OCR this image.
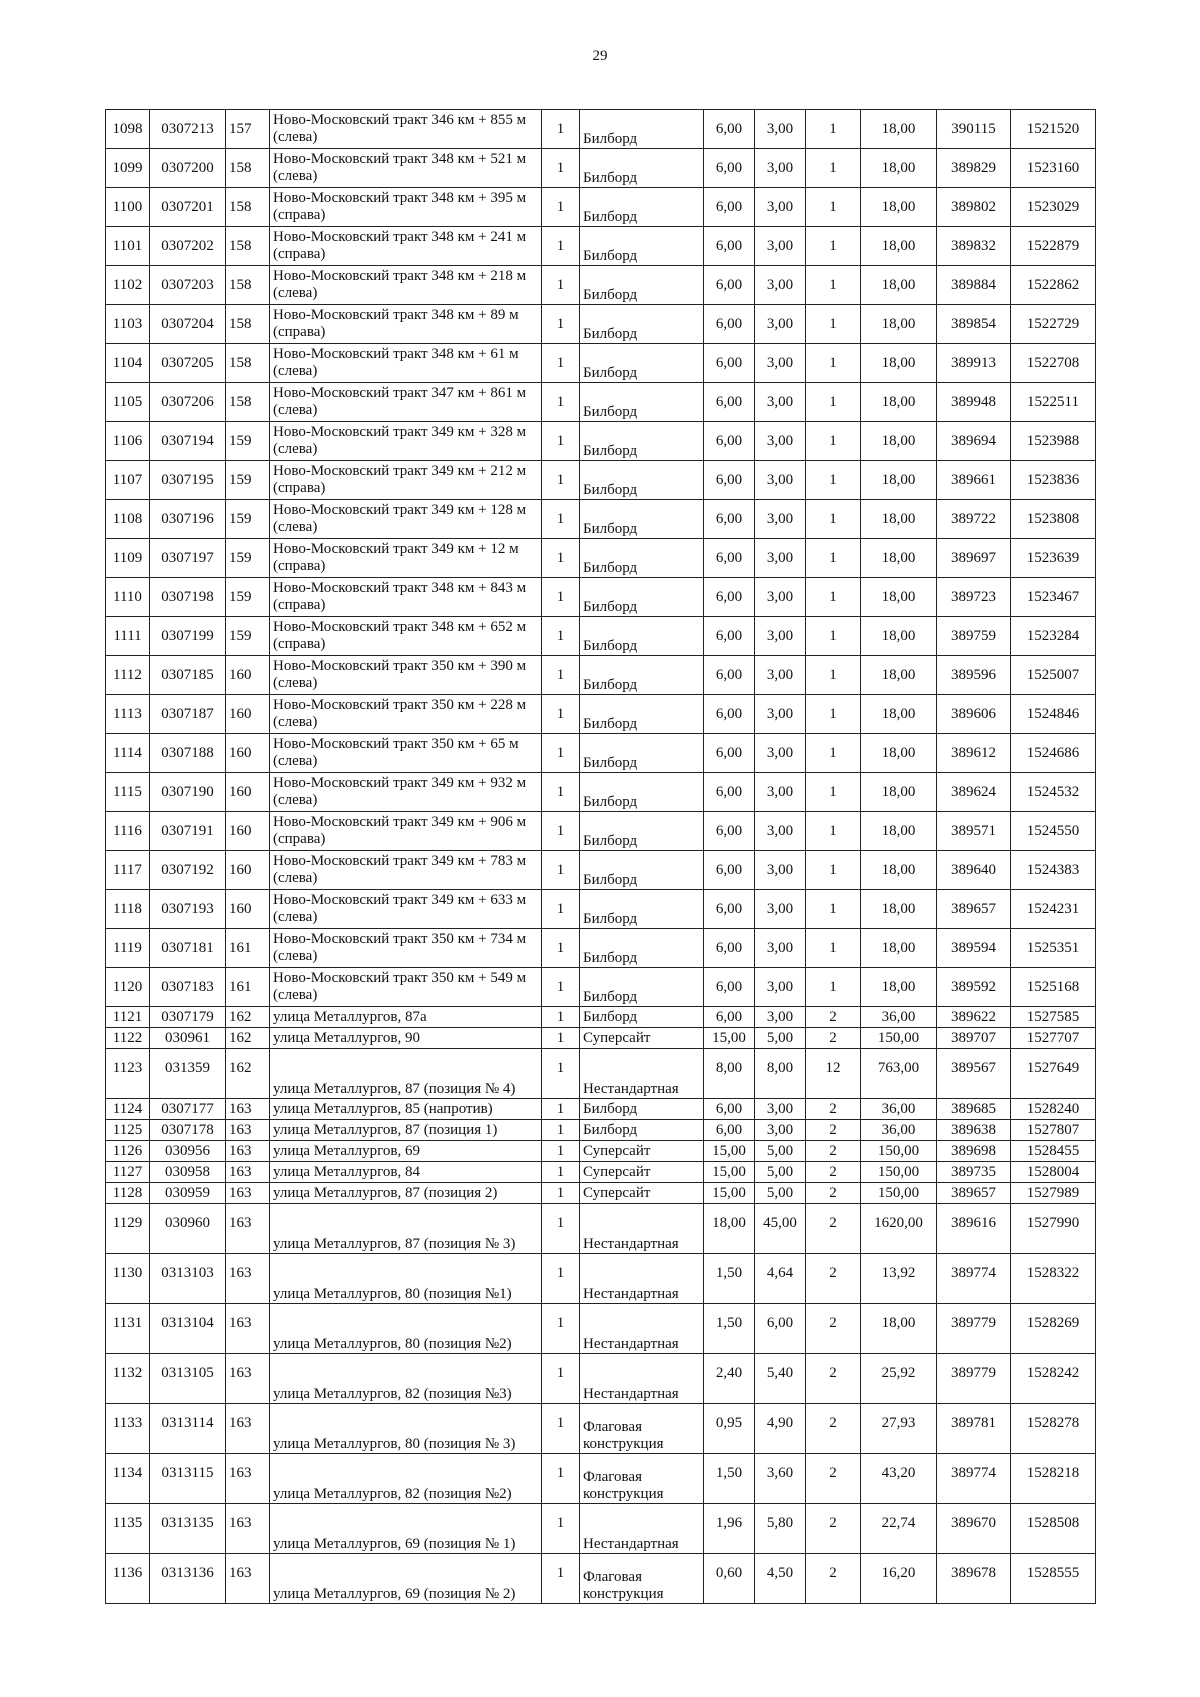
29
1098	0307213	157	Ново-Московский тракт 346 км + 855 м (слева)	1	Билборд	6,00	3,00	1	18,00	390115	1521520
1099	0307200	158	Ново-Московский тракт 348 км + 521 м (слева)	1	Билборд	6,00	3,00	1	18,00	389829	1523160
1100	0307201	158	Ново-Московский тракт 348 км + 395 м (справа)	1	Билборд	6,00	3,00	1	18,00	389802	1523029
1101	0307202	158	Ново-Московский тракт 348 км + 241 м (справа)	1	Билборд	6,00	3,00	1	18,00	389832	1522879
1102	0307203	158	Ново-Московский тракт 348 км + 218 м (слева)	1	Билборд	6,00	3,00	1	18,00	389884	1522862
1103	0307204	158	Ново-Московский тракт 348 км + 89 м (справа)	1	Билборд	6,00	3,00	1	18,00	389854	1522729
1104	0307205	158	Ново-Московский тракт 348 км + 61 м (слева)	1	Билборд	6,00	3,00	1	18,00	389913	1522708
1105	0307206	158	Ново-Московский тракт 347 км + 861 м (слева)	1	Билборд	6,00	3,00	1	18,00	389948	1522511
1106	0307194	159	Ново-Московский тракт 349 км + 328 м (слева)	1	Билборд	6,00	3,00	1	18,00	389694	1523988
1107	0307195	159	Ново-Московский тракт 349 км + 212 м (справа)	1	Билборд	6,00	3,00	1	18,00	389661	1523836
1108	0307196	159	Ново-Московский тракт 349 км + 128 м (слева)	1	Билборд	6,00	3,00	1	18,00	389722	1523808
1109	0307197	159	Ново-Московский тракт 349 км + 12 м (справа)	1	Билборд	6,00	3,00	1	18,00	389697	1523639
1110	0307198	159	Ново-Московский тракт 348 км + 843 м (справа)	1	Билборд	6,00	3,00	1	18,00	389723	1523467
1111	0307199	159	Ново-Московский тракт 348 км + 652 м (справа)	1	Билборд	6,00	3,00	1	18,00	389759	1523284
1112	0307185	160	Ново-Московский тракт 350 км + 390 м (слева)	1	Билборд	6,00	3,00	1	18,00	389596	1525007
1113	0307187	160	Ново-Московский тракт 350 км + 228 м (слева)	1	Билборд	6,00	3,00	1	18,00	389606	1524846
1114	0307188	160	Ново-Московский тракт 350 км + 65 м (слева)	1	Билборд	6,00	3,00	1	18,00	389612	1524686
1115	0307190	160	Ново-Московский тракт 349 км + 932 м (слева)	1	Билборд	6,00	3,00	1	18,00	389624	1524532
1116	0307191	160	Ново-Московский тракт 349 км + 906 м (справа)	1	Билборд	6,00	3,00	1	18,00	389571	1524550
1117	0307192	160	Ново-Московский тракт 349 км + 783 м (слева)	1	Билборд	6,00	3,00	1	18,00	389640	1524383
1118	0307193	160	Ново-Московский тракт 349 км + 633 м (слева)	1	Билборд	6,00	3,00	1	18,00	389657	1524231
1119	0307181	161	Ново-Московский тракт 350 км + 734 м (слева)	1	Билборд	6,00	3,00	1	18,00	389594	1525351
1120	0307183	161	Ново-Московский тракт 350 км + 549 м (слева)	1	Билборд	6,00	3,00	1	18,00	389592	1525168
1121	0307179	162	улица Металлургов, 87а	1	Билборд	6,00	3,00	2	36,00	389622	1527585
1122	030961	162	улица Металлургов, 90	1	Суперсайт	15,00	5,00	2	150,00	389707	1527707
1123	031359	162	улица Металлургов, 87 (позиция № 4)	1	Нестандартная	8,00	8,00	12	763,00	389567	1527649
1124	0307177	163	улица Металлургов, 85 (напротив)	1	Билборд	6,00	3,00	2	36,00	389685	1528240
1125	0307178	163	улица Металлургов, 87 (позиция 1)	1	Билборд	6,00	3,00	2	36,00	389638	1527807
1126	030956	163	улица Металлургов, 69	1	Суперсайт	15,00	5,00	2	150,00	389698	1528455
1127	030958	163	улица Металлургов, 84	1	Суперсайт	15,00	5,00	2	150,00	389735	1528004
1128	030959	163	улица Металлургов, 87 (позиция 2)	1	Суперсайт	15,00	5,00	2	150,00	389657	1527989
1129	030960	163	улица Металлургов, 87 (позиция № 3)	1	Нестандартная	18,00	45,00	2	1620,00	389616	1527990
1130	0313103	163	улица Металлургов, 80 (позиция №1)	1	Нестандартная	1,50	4,64	2	13,92	389774	1528322
1131	0313104	163	улица Металлургов, 80 (позиция №2)	1	Нестандартная	1,50	6,00	2	18,00	389779	1528269
1132	0313105	163	улица Металлургов, 82 (позиция №3)	1	Нестандартная	2,40	5,40	2	25,92	389779	1528242
1133	0313114	163	улица Металлургов, 80 (позиция № 3)	1	Флаговая конструкция	0,95	4,90	2	27,93	389781	1528278
1134	0313115	163	улица Металлургов, 82 (позиция №2)	1	Флаговая конструкция	1,50	3,60	2	43,20	389774	1528218
1135	0313135	163	улица Металлургов, 69 (позиция № 1)	1	Нестандартная	1,96	5,80	2	22,74	389670	1528508
1136	0313136	163	улица Металлургов, 69 (позиция № 2)	1	Флаговая конструкция	0,60	4,50	2	16,20	389678	1528555
